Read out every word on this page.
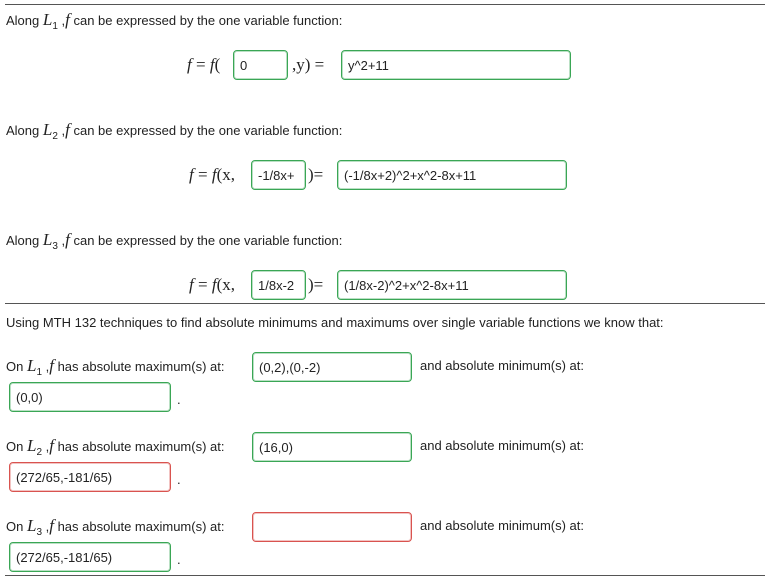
Along $L_1$ ,f can be expressed by the one variable function:
f = f(
0	,y) =
y^2+11
Along $L_2$ ,f can be expressed by the one variable function:
f = f(x,
-1/8x+	)=
(-1/8x+2)^2+x^2-8x+11
Along $L_3$ ,f can be expressed by the one variable function:
f = f(x,
1/8x-2	)=
(1/8x-2)^2+x^2-8x+11
Using MTH 132 techniques to find absolute minimums and maximums over single variable functions we know that:
On $L_1$ ,f has absolute maximum(s) at:
(0,2),(0,-2)	and absolute minimum(s) at:
(0,0)
.
On $L_2$ ,f has absolute maximum(s) at:
(16,0)	and absolute minimum(s) at:
(272/65,-181/65)
.
On $L_3$ ,f has absolute maximum(s) at:	and absolute minimum(s) at:
(272/65,-181/65)
.
